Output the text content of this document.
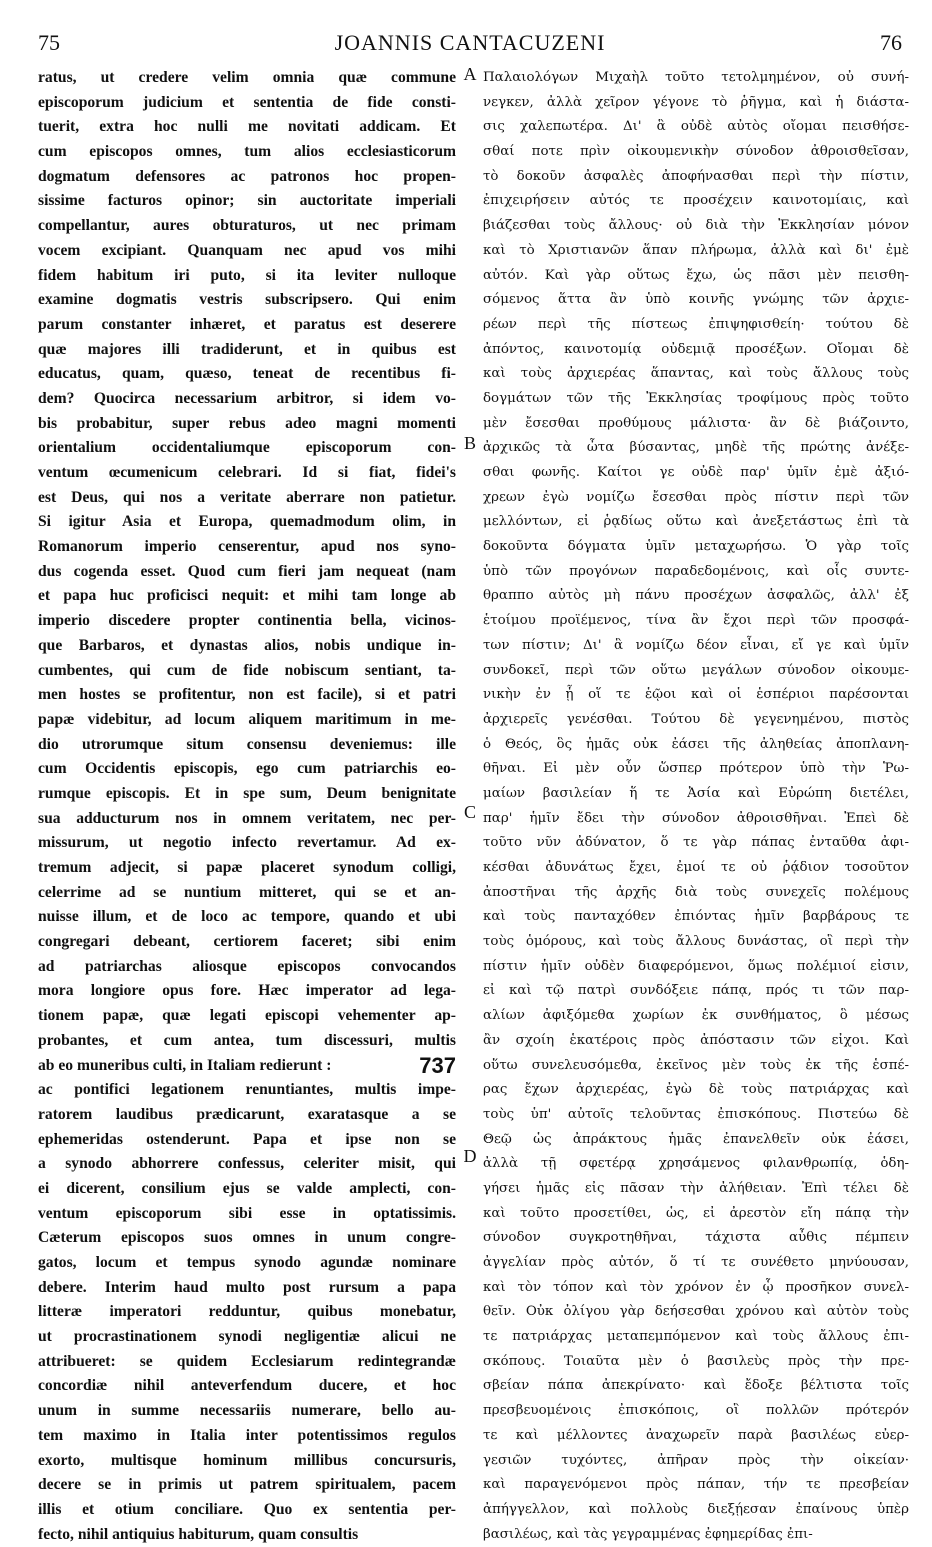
75	JOANNIS CANTACUZENI	76
ratus, ut credere velim omnia quæ commune
episcoporum judicium et sententia de fide consti-
tuerit, extra hoc nulli me novitati addicam. Et
cum episcopos omnes, tum alios ecclesiasticorum
dogmatum defensores ac patronos hoc propen-
sissime facturos opinor; sin auctoritate imperiali
compellantur, aures obturaturos, ut nec primam
vocem excipiant. Quanquam nec apud vos mihi
fidem habitum iri puto, si ita leviter nulloque
examine dogmatis vestris subscripsero. Qui enim
parum constanter inhæret, et paratus est deserere
quæ majores illi tradiderunt, et in quibus est
educatus, quam, quæso, teneat de recentibus fi-
dem? Quocirca necessarium arbitror, si idem vo-
bis probabitur, super rebus adeo magni momenti
orientalium occidentaliumque episcoporum con-
ventum œcumenicum celebrari. Id si fiat, fidei's
est Deus, qui nos a veritate aberrare non patietur.
Si igitur Asia et Europa, quemadmodum olim, in
Romanorum imperio censerentur, apud nos syno-
dus cogenda esset. Quod cum fieri jam nequeat (nam
et papa huc proficisci nequit: et mihi tam longe ab
imperio discedere propter continentia bella, vicinos-
que Barbaros, et dynastas alios, nobis undique in-
cumbentes, qui cum de fide nobiscum sentiant, ta-
men hostes se profitentur, non est facile), si et patri
papæ videbitur, ad locum aliquem maritimum in me-
dio utrorumque situm consensu deveniemus: ille
cum Occidentis episcopis, ego cum patriarchis eo-
rumque episcopis. Et in spe sum, Deum benignitate
sua adducturum nos in omnem veritatem, nec per-
missurum, ut negotio infecto revertamur. Ad ex-
tremum adjecit, si papæ placeret synodum colligi,
celerrime ad se nuntium mitteret, qui se et an-
nuisse illum, et de loco ac tempore, quando et ubi
congregari debeant, certiorem faceret; sibi enim
ad patriarchas aliosque episcopos convocandos
mora longiore opus fore. Hæc imperator ad lega-
tionem papæ, quæ legati episcopi vehementer ap-
probantes, et cum antea, tum discessuri, multis
ab eo muneribus culti, in Italiam redierunt :	737
ac pontifici legationem renuntiantes, multis impe-
ratorem laudibus prædicarunt, exaratasque a se
ephemeridas ostenderunt. Papa et ipse non se
a synodo abhorrere confessus, celeriter misit, qui
ei dicerent, consilium ejus se valde amplecti, con-
ventum episcoporum sibi esse in optatissimis.
Cæterum episcopos suos omnes in unum congre-
gatos, locum et tempus synodo agundæ nominare
debere. Interim haud multo post rursum a papa
litteræ imperatori redduntur, quibus monebatur,
ut procrastinationem synodi negligentiæ alicui ne
attribueret: se quidem Ecclesiarum redintegrandæ
concordiæ nihil anteverfendum ducere, et hoc
unum in summe necessariis numerare, bello au-
tem maximo in Italia inter potentissimos regulos
exorto, multisque hominum millibus concursuris,
decere se in primis ut patrem spiritualem, pacem
illis et otium conciliare. Quo ex sententia per-
fecto, nihil antiquius habiturum, quam consultis
Παλαιολόγων Μιχαὴλ τοῦτο τετολμημένον, οὐ συνή-
νεγκεν, ἀλλὰ χεῖρον γέγονε τὸ ῥῆγμα, καὶ ἡ διάστα-
σις χαλεπωτέρα. Δι' ἃ οὐδὲ αὐτὸς οἴομαι πεισθήσε-
σθαί ποτε πρὶν οἰκουμενικὴν σύνοδον ἀθροισθεῖσαν,
τὸ δοκοῦν ἀσφαλὲς ἀποφήνασθαι περὶ τὴν πίστιν,
ἐπιχειρήσειν αὐτός τε προσέχειν καινοτομίαις, καὶ
βιάζεσθαι τοὺς ἄλλους· οὐ διὰ τὴν Ἐκκλησίαν μόνον
καὶ τὸ Χριστιανῶν ἅπαν πλήρωμα, ἀλλὰ καὶ δι' ἐμὲ
αὐτόν. Καὶ γὰρ οὕτως ἔχω, ὡς πᾶσι μὲν πεισθη-
σόμενος ἅττα ἂν ὑπὸ κοινῆς γνώμης τῶν ἀρχιε-
ρέων περὶ τῆς πίστεως ἐπιψηφισθείη· τούτου δὲ
ἀπόντος, καινοτομίᾳ οὐδεμιᾷ προσέξων. Οἴομαι δὲ
καὶ τοὺς ἀρχιερέας ἅπαντας, καὶ τοὺς ἄλλους τοὺς
δογμάτων τῶν τῆς Ἐκκλησίας τροφίμους πρὸς τοῦτο
μὲν ἔσεσθαι προθύμους μάλιστα· ἂν δὲ βιάζοιντο,
ἀρχικῶς τὰ ὦτα βύσαντας, μηδὲ τῆς πρώτης ἀνέξε-
σθαι φωνῆς. Καίτοι γε οὐδὲ παρ' ὑμῖν ἐμὲ ἀξιό-
χρεων ἐγὼ νομίζω ἔσεσθαι πρὸς πίστιν περὶ τῶν
μελλόντων, εἰ ῥᾳδίως οὕτω καὶ ἀνεξετάστως ἐπὶ τὰ
δοκοῦντα δόγματα ὑμῖν μεταχωρήσω. Ὁ γὰρ τοῖς
ὑπὸ τῶν προγόνων παραδεδομένοις, καὶ οἷς συντε-
θραππο αὐτὸς μὴ πάνυ προσέχων ἀσφαλῶς, ἀλλ' ἐξ
ἑτοίμου προϊέμενος, τίνα ἂν ἔχοι περὶ τῶν προσφά-
των πίστιν; Δι' ἃ νομίζω δέον εἶναι, εἴ γε καὶ ὑμῖν
συνδοκεῖ, περὶ τῶν οὕτω μεγάλων σύνοδον οἰκουμε-
νικὴν ἐν ᾗ οἵ τε ἑῷοι καὶ οἱ ἑσπέριοι παρέσονται
ἀρχιερεῖς γενέσθαι. Τούτου δὲ γεγενημένου, πιστὸς
ὁ Θεός, ὃς ἡμᾶς οὐκ ἐάσει τῆς ἀληθείας ἀποπλανη-
θῆναι. Εἰ μὲν οὖν ὥσπερ πρότερον ὑπὸ τὴν Ῥω-
μαίων βασιλείαν ἥ τε Ἀσία καὶ Εὐρώπη διετέλει,
παρ' ἡμῖν ἔδει τὴν σύνοδον ἀθροισθῆναι. Ἐπεὶ δὲ
τοῦτο νῦν ἀδύνατον, ὅ τε γὰρ πάπας ἐνταῦθα ἀφι-
κέσθαι ἀδυνάτως ἔχει, ἐμοί τε οὐ ῥᾴδιον τοσοῦτον
ἀποστῆναι τῆς ἀρχῆς διὰ τοὺς συνεχεῖς πολέμους
καὶ τοὺς πανταχόθεν ἐπιόντας ἡμῖν βαρβάρους τε
τοὺς ὁμόρους, καὶ τοὺς ἄλλους δυνάστας, οἳ περὶ τὴν
πίστιν ἡμῖν οὐδὲν διαφερόμενοι, ὅμως πολέμιοί εἰσιν,
εἰ καὶ τῷ πατρὶ συνδόξειε πάπᾳ, πρός τι τῶν παρ-
αλίων ἀφιξόμεθα χωρίων ἐκ συνθήματος, ὃ μέσως
ἂν σχοίη ἑκατέροις πρὸς ἀπόστασιν τῶν εἰχοι. Καὶ
οὕτω συνελευσόμεθα, ἐκεῖνος μὲν τοὺς ἐκ τῆς ἑσπέ-
ρας ἔχων ἀρχιερέας, ἐγὼ δὲ τοὺς πατριάρχας καὶ
τοὺς ὑπ' αὐτοῖς τελοῦντας ἐπισκόπους. Πιστεύω δὲ
Θεῷ ὡς ἀπράκτους ἡμᾶς ἐπανελθεῖν οὐκ ἐάσει,
ἀλλὰ τῇ σφετέρᾳ χρησάμενος φιλανθρωπίᾳ, ὁδη-
γήσει ἡμᾶς εἰς πᾶσαν τὴν ἀλήθειαν. Ἐπὶ τέλει δὲ
καὶ τοῦτο προσετίθει, ὡς, εἰ ἀρεστὸν εἴη πάπᾳ τὴν
σύνοδον συγκροτηθῆναι, τάχιστα αὖθις πέμπειν
ἀγγελίαν πρὸς αὐτόν, ὅ τί τε συνέθετο μηνύουσαν,
καὶ τὸν τόπον καὶ τὸν χρόνον ἐν ᾧ προσῆκον συνελ-
θεῖν. Οὐκ ὀλίγου γὰρ δεήσεσθαι χρόνου καὶ αὐτὸν τοὺς
τε πατριάρχας μεταπεμπόμενον καὶ τοὺς ἄλλους ἐπι-
σκόπους. Τοιαῦτα μὲν ὁ βασιλεὺς πρὸς τὴν πρε-
σβείαν πάπα ἀπεκρίνατο· καὶ ἔδοξε βέλτιστα τοῖς
πρεσβευομένοις ἐπισκόποις, οἳ πολλῶν πρότερόν
τε καὶ μέλλοντες ἀναχωρεῖν παρὰ βασιλέως εὐερ-
γεσιῶν τυχόντες, ἀπῆραν πρὸς τὴν οἰκείαν·
καὶ παραγενόμενοι πρὸς πάπαν, τήν τε πρεσβείαν
ἀπήγγελλον, καὶ πολλοὺς διεξῄεσαν ἐπαίνους ὑπὲρ
βασιλέως, καὶ τὰς γεγραμμένας ἐφημερίδας ἐπι-
A
B
C
D
